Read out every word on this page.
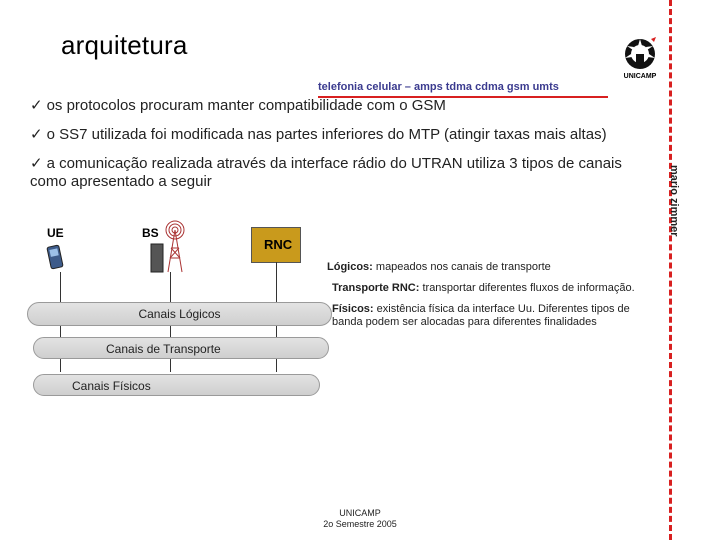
arquitetura
UNICAMP
telefonia celular – amps tdma cdma gsm umts
mario zimmer
✓ os protocolos procuram manter compatibilidade com o GSM
✓ o SS7 utilizada foi modificada nas partes inferiores do MTP (atingir taxas mais altas)
✓ a comunicação realizada através da interface rádio do UTRAN utiliza 3 tipos de canais como apresentado a seguir
UE	BS
RNC
Canais Lógicos
Canais de Transporte
Canais Físicos
Lógicos: mapeados nos canais de transporte
Transporte RNC: transportar diferentes fluxos de informação.
Físicos: existência física da interface Uu. Diferentes tipos de banda podem ser alocadas para diferentes finalidades
UNICAMP
2o Semestre 2005
